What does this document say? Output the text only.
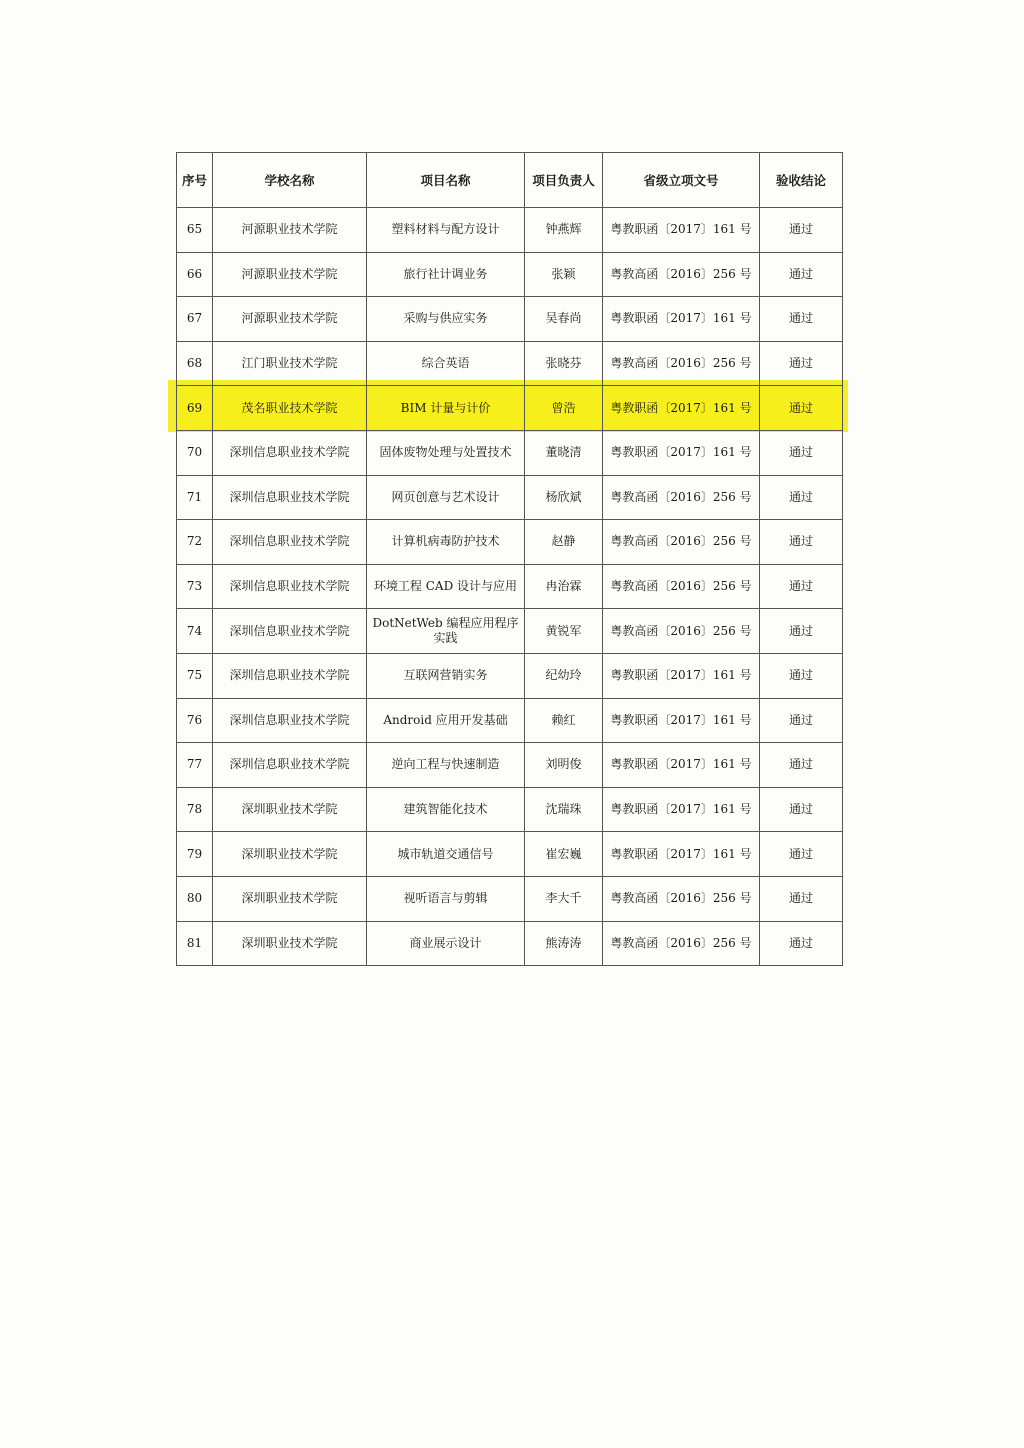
序号	学校名称	项目名称	项目负责人	省级立项文号	验收结论
65	河源职业技术学院	塑料材料与配方设计	钟燕辉	粤教职函〔2017〕161 号	通过
66	河源职业技术学院	旅行社计调业务	张颖	粤教高函〔2016〕256 号	通过
67	河源职业技术学院	采购与供应实务	吴春尚	粤教职函〔2017〕161 号	通过
68	江门职业技术学院	综合英语	张晓芬	粤教高函〔2016〕256 号	通过
69	茂名职业技术学院	BIM 计量与计价	曾浩	粤教职函〔2017〕161 号	通过
70	深圳信息职业技术学院	固体废物处理与处置技术	董晓清	粤教职函〔2017〕161 号	通过
71	深圳信息职业技术学院	网页创意与艺术设计	杨欣斌	粤教高函〔2016〕256 号	通过
72	深圳信息职业技术学院	计算机病毒防护技术	赵静	粤教高函〔2016〕256 号	通过
73	深圳信息职业技术学院	环境工程 CAD 设计与应用	冉治霖	粤教高函〔2016〕256 号	通过
74	深圳信息职业技术学院	DotNetWeb 编程应用程序实践	黄锐军	粤教高函〔2016〕256 号	通过
75	深圳信息职业技术学院	互联网营销实务	纪幼玲	粤教职函〔2017〕161 号	通过
76	深圳信息职业技术学院	Android 应用开发基础	赖红	粤教职函〔2017〕161 号	通过
77	深圳信息职业技术学院	逆向工程与快速制造	刘明俊	粤教职函〔2017〕161 号	通过
78	深圳职业技术学院	建筑智能化技术	沈瑞珠	粤教职函〔2017〕161 号	通过
79	深圳职业技术学院	城市轨道交通信号	崔宏巍	粤教职函〔2017〕161 号	通过
80	深圳职业技术学院	视听语言与剪辑	李大千	粤教高函〔2016〕256 号	通过
81	深圳职业技术学院	商业展示设计	熊涛涛	粤教高函〔2016〕256 号	通过
